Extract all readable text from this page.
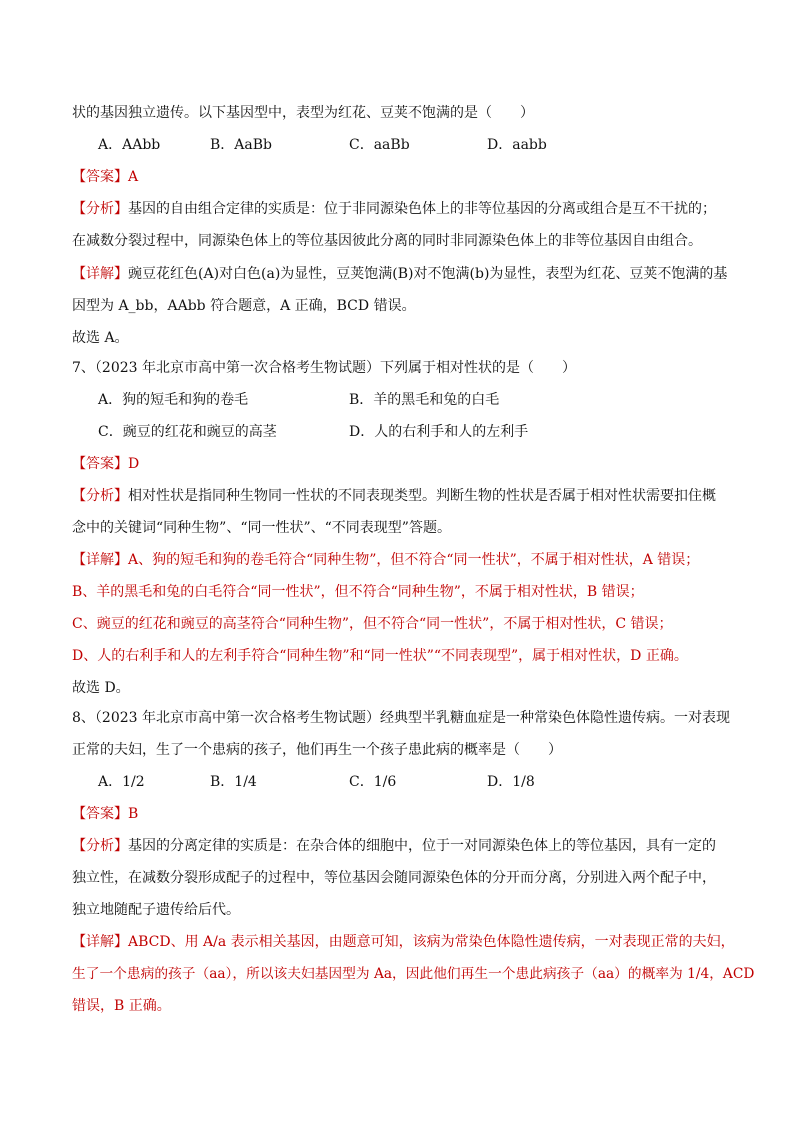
状的基因独立遗传。以下基因型中，表型为红花、豆荚不饱满的是（　　）
A．AAbb	B．AaBb	C．aaBb	D．aabb
【答案】A
【分析】基因的自由组合定律的实质是：位于非同源染色体上的非等位基因的分离或组合是互不干扰的；
在减数分裂过程中，同源染色体上的等位基因彼此分离的同时非同源染色体上的非等位基因自由组合。
【详解】豌豆花红色(A)对白色(a)为显性，豆荚饱满(B)对不饱满(b)为显性，表型为红花、豆荚不饱满的基
因型为 A_bb，AAbb 符合题意，A 正确，BCD 错误。
故选 A。
7、（2023 年北京市高中第一次合格考生物试题）下列属于相对性状的是（　　）
A．狗的短毛和狗的卷毛	B．羊的黑毛和兔的白毛
C．豌豆的红花和豌豆的高茎	D．人的右利手和人的左利手
【答案】D
【分析】相对性状是指同种生物同一性状的不同表现类型。判断生物的性状是否属于相对性状需要扣住概
念中的关键词“同种生物”、“同一性状”、“不同表现型”答题。
【详解】A、狗的短毛和狗的卷毛符合“同种生物”，但不符合“同一性状”，不属于相对性状，A 错误；
B、羊的黑毛和兔的白毛符合“同一性状”，但不符合“同种生物”，不属于相对性状，B 错误；
C、豌豆的红花和豌豆的高茎符合“同种生物”，但不符合“同一性状”，不属于相对性状，C 错误；
D、人的右利手和人的左利手符合“同种生物”和“同一性状”“不同表现型”，属于相对性状，D 正确。
故选 D。
8、（2023 年北京市高中第一次合格考生物试题）经典型半乳糖血症是一种常染色体隐性遗传病。一对表现
正常的夫妇，生了一个患病的孩子，他们再生一个孩子患此病的概率是（　　）
A．1/2	B．1/4	C．1/6	D．1/8
【答案】B
【分析】基因的分离定律的实质是：在杂合体的细胞中，位于一对同源染色体上的等位基因，具有一定的
独立性，在减数分裂形成配子的过程中，等位基因会随同源染色体的分开而分离，分别进入两个配子中，
独立地随配子遗传给后代。
【详解】ABCD、用 A/a 表示相关基因，由题意可知，该病为常染色体隐性遗传病，一对表现正常的夫妇，
生了一个患病的孩子（aa），所以该夫妇基因型为 Aa，因此他们再生一个患此病孩子（aa）的概率为 1/4，ACD
错误，B 正确。
